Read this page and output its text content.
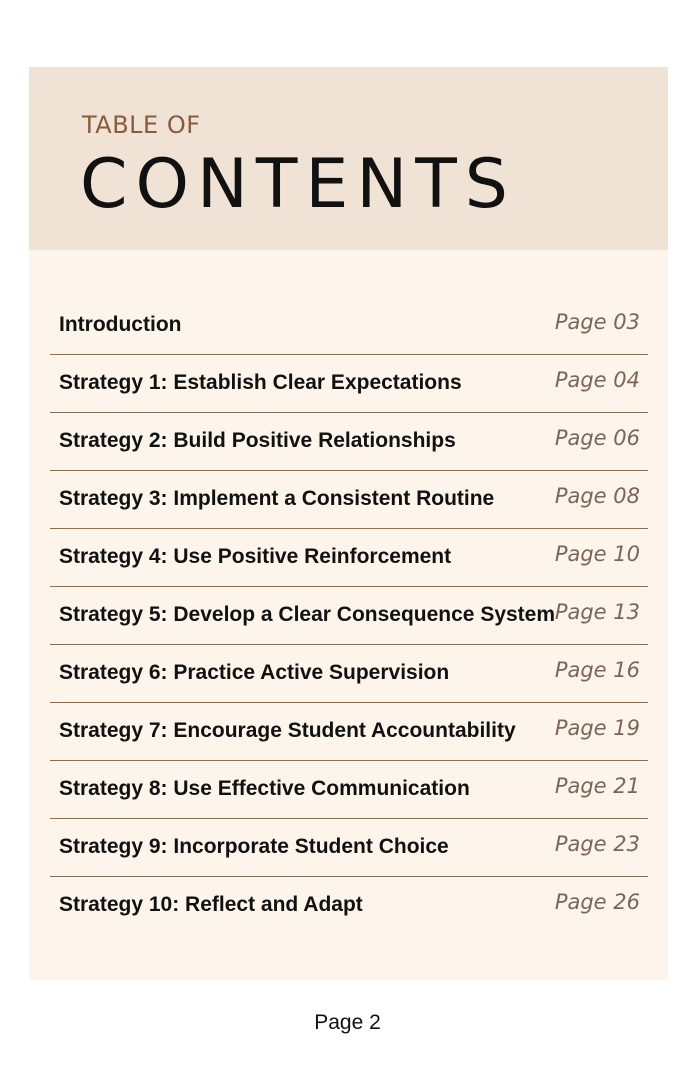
TABLE OF
CONTENTS
Introduction	Page 03
Strategy 1: Establish Clear Expectations	Page 04
Strategy 2: Build Positive Relationships	Page 06
Strategy 3: Implement a Consistent Routine	Page 08
Strategy 4: Use Positive Reinforcement	Page 10
Strategy 5: Develop a Clear Consequence System Page 13
Strategy 6: Practice Active Supervision	Page 16
Strategy 7: Encourage Student Accountability Page 19
Strategy 8: Use Effective Communication	Page 21
Strategy 9: Incorporate Student Choice	Page 23
Strategy 10: Reflect and Adapt	Page 26
Page 2
